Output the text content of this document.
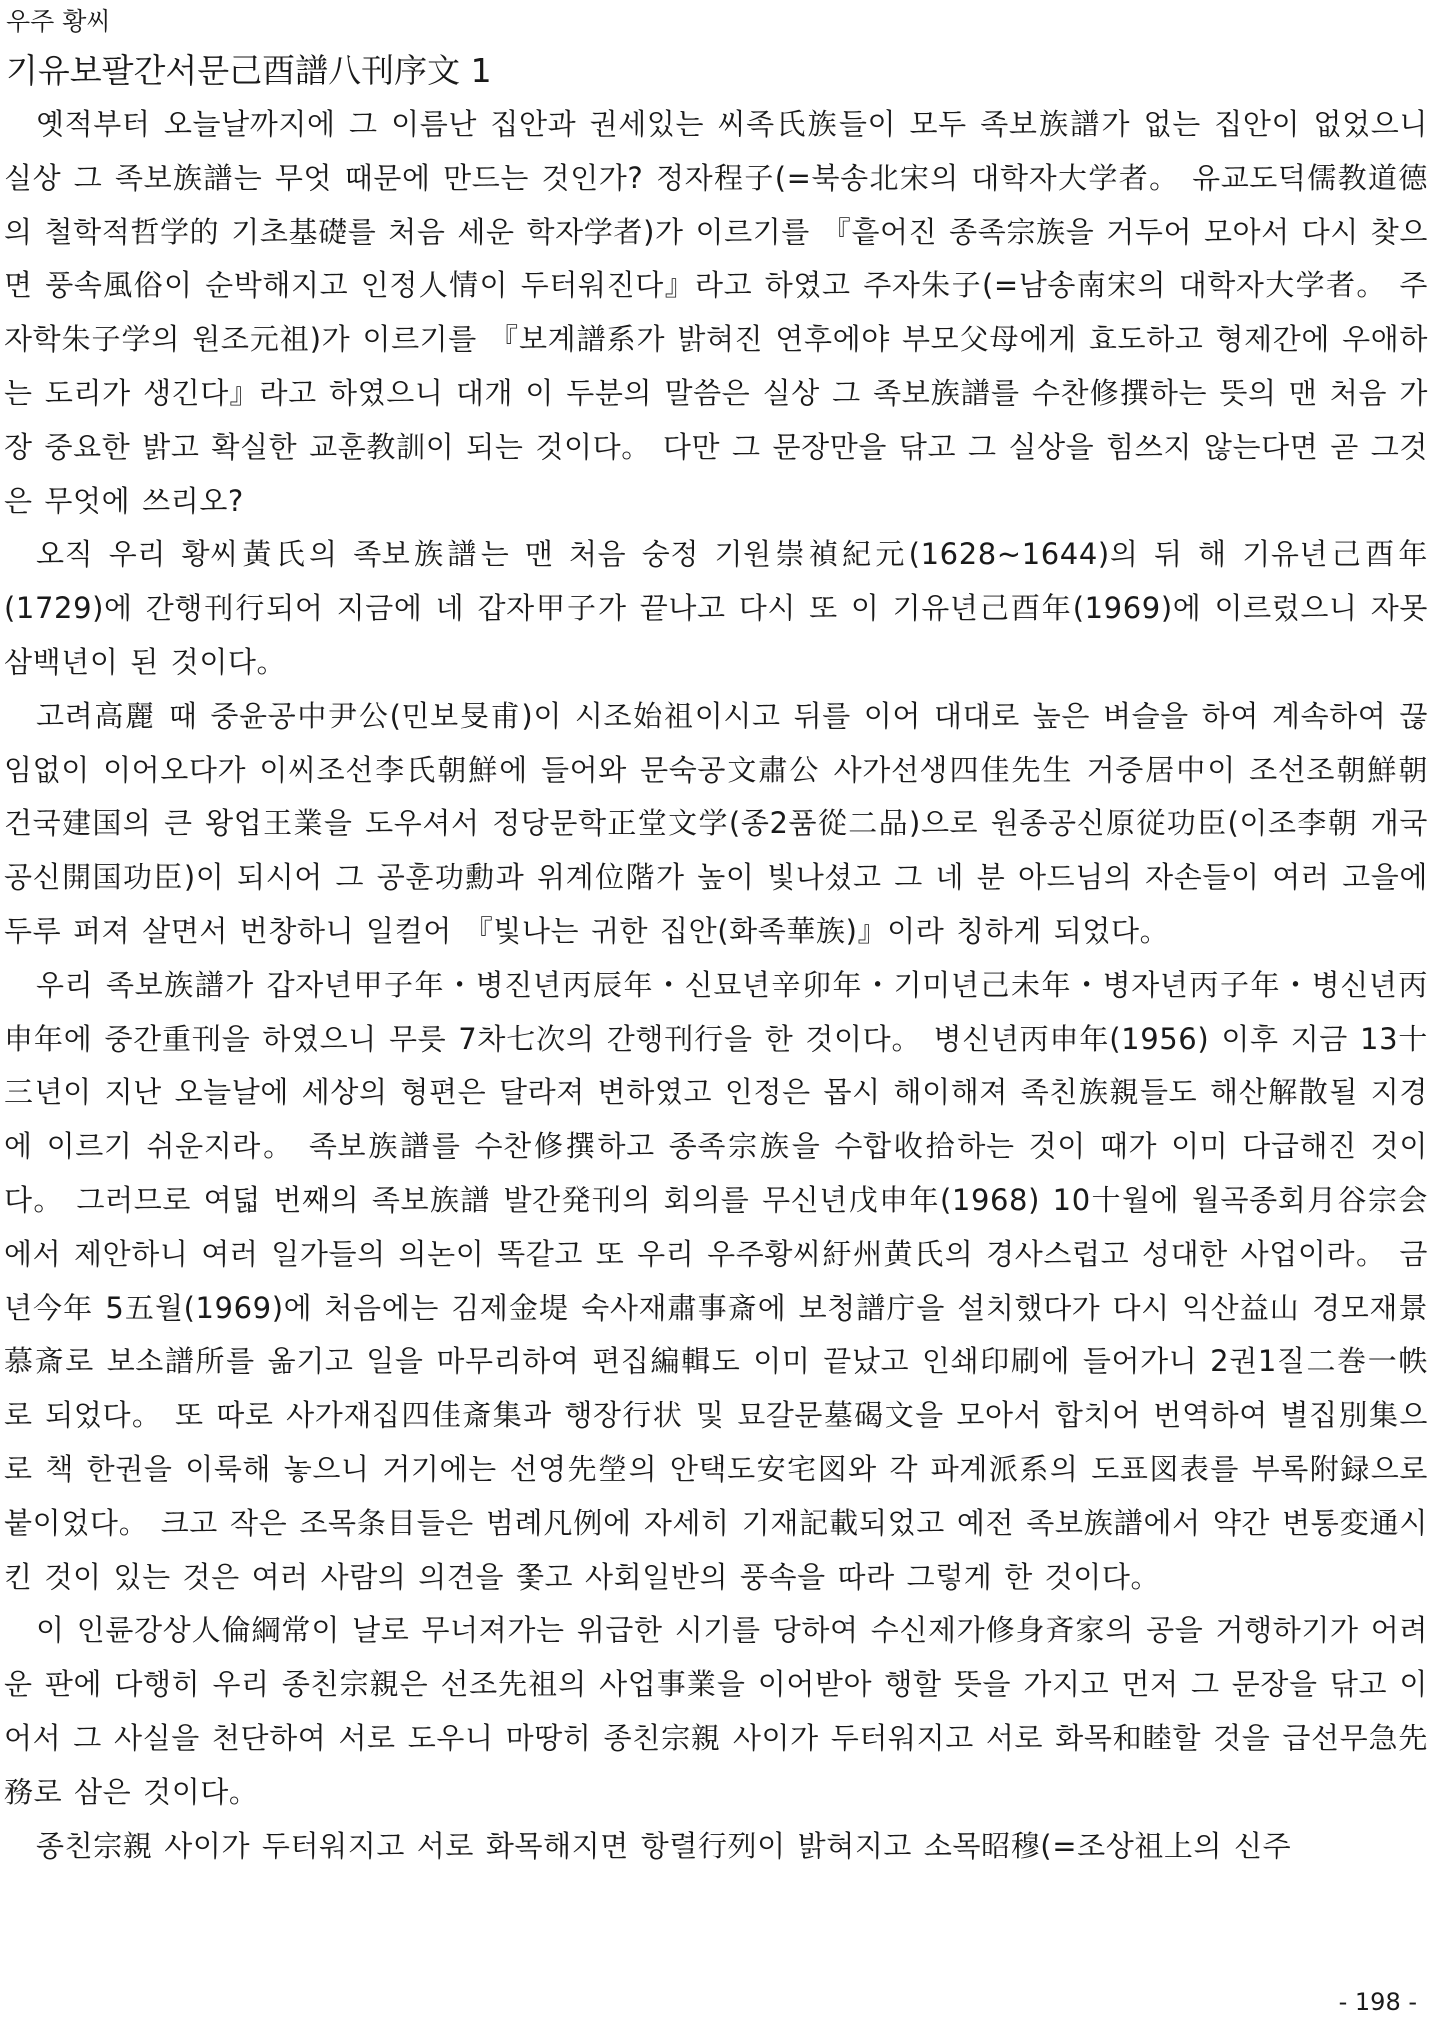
우주 황씨
기유보팔간서문己酉譜八刊序文 1

옛적부터 오늘날까지에 그 이름난 집안과 권세있는 씨족氏族들이 모두 족보族譜가 없는 집안이 없었으니 실상 그 족보族譜는 무엇 때문에 만드는 것인가? 정자程子(=북송北宋의 대학자大学者。 유교도덕儒教道德의 철학적哲学的 기초基礎를 처음 세운 학자学者)가 이르기를 『흩어진 종족宗族을 거두어 모아서 다시 찾으면 풍속風俗이 순박해지고 인정人情이 두터워진다』라고 하였고 주자朱子(=남송南宋의 대학자大学者。 주자학朱子学의 원조元祖)가 이르기를 『보계譜系가 밝혀진 연후에야 부모父母에게 효도하고 형제간에 우애하는 도리가 생긴다』라고 하였으니 대개 이 두분의 말씀은 실상 그 족보族譜를 수찬修撰하는 뜻의 맨 처음 가장 중요한 밝고 확실한 교훈教訓이 되는 것이다。 다만 그 문장만을 닦고 그 실상을 힘쓰지 않는다면 곧 그것은 무엇에 쓰리오?

오직 우리 황씨黃氏의 족보族譜는 맨 처음 숭정 기원崇禎紀元(1628~1644)의 뒤 해 기유년己酉年(1729)에 간행刊行되어 지금에 네 갑자甲子가 끝나고 다시 또 이 기유년己酉年(1969)에 이르렀으니 자못 삼백년이 된 것이다。

고려高麗 때 중윤공中尹公(민보旻甫)이 시조始祖이시고 뒤를 이어 대대로 높은 벼슬을 하여 계속하여 끊임없이 이어오다가 이씨조선李氏朝鮮에 들어와 문숙공文肅公 사가선생四佳先生 거중居中이 조선조朝鮮朝 건국建国의 큰 왕업王業을 도우셔서 정당문학正堂文学(종2품從二品)으로 원종공신原従功臣(이조李朝 개국공신開国功臣)이 되시어 그 공훈功勳과 위계位階가 높이 빛나셨고 그 네 분 아드님의 자손들이 여러 고을에 두루 퍼져 살면서 번창하니 일컬어 『빛나는 귀한 집안(화족華族)』이라 칭하게 되었다。

우리 족보族譜가 갑자년甲子年・병진년丙辰年・신묘년辛卯年・기미년己未年・병자년丙子年・병신년丙申年에 중간重刊을 하였으니 무릇 7차七次의 간행刊行을 한 것이다。 병신년丙申年(1956) 이후 지금 13十三년이 지난 오늘날에 세상의 형편은 달라져 변하였고 인정은 몹시 해이해져 족친族親들도 해산解散될 지경에 이르기 쉬운지라。 족보族譜를 수찬修撰하고 종족宗族을 수합收拾하는 것이 때가 이미 다급해진 것이다。 그러므로 여덟 번째의 족보族譜 발간発刊의 회의를 무신년戊申年(1968) 10十월에 월곡종회月谷宗会에서 제안하니 여러 일가들의 의논이 똑같고 또 우리 우주황씨紆州黄氏의 경사스럽고 성대한 사업이라。 금년今年 5五월(1969)에 처음에는 김제金堤 숙사재肅事斎에 보청譜庁을 설치했다가 다시 익산益山 경모재景慕斎로 보소譜所를 옮기고 일을 마무리하여 편집編輯도 이미 끝났고 인쇄印刷에 들어가니 2권1질二巻一帙로 되었다。 또 따로 사가재집四佳斎集과 행장行状 및 묘갈문墓碣文을 모아서 합치어 번역하여 별집別集으로 책 한권을 이룩해 놓으니 거기에는 선영先塋의 안택도安宅図와 각 파계派系의 도표図表를 부록附録으로 붙이었다。 크고 작은 조목条目들은 범례凡例에 자세히 기재記載되었고 예전 족보族譜에서 약간 변통変通시킨 것이 있는 것은 여러 사람의 의견을 쫓고 사회일반의 풍속을 따라 그렇게 한 것이다。

이 인륜강상人倫綱常이 날로 무너져가는 위급한 시기를 당하여 수신제가修身斉家의 공을 거행하기가 어려운 판에 다행히 우리 종친宗親은 선조先祖의 사업事業을 이어받아 행할 뜻을 가지고 먼저 그 문장을 닦고 이어서 그 사실을 천단하여 서로 도우니 마땅히 종친宗親 사이가 두터워지고 서로 화목和睦할 것을 급선무急先務로 삼은 것이다。

종친宗親 사이가 두터워지고 서로 화목해지면 항렬行列이 밝혀지고 소목昭穆(=조상祖上의 신주

- 198 -
